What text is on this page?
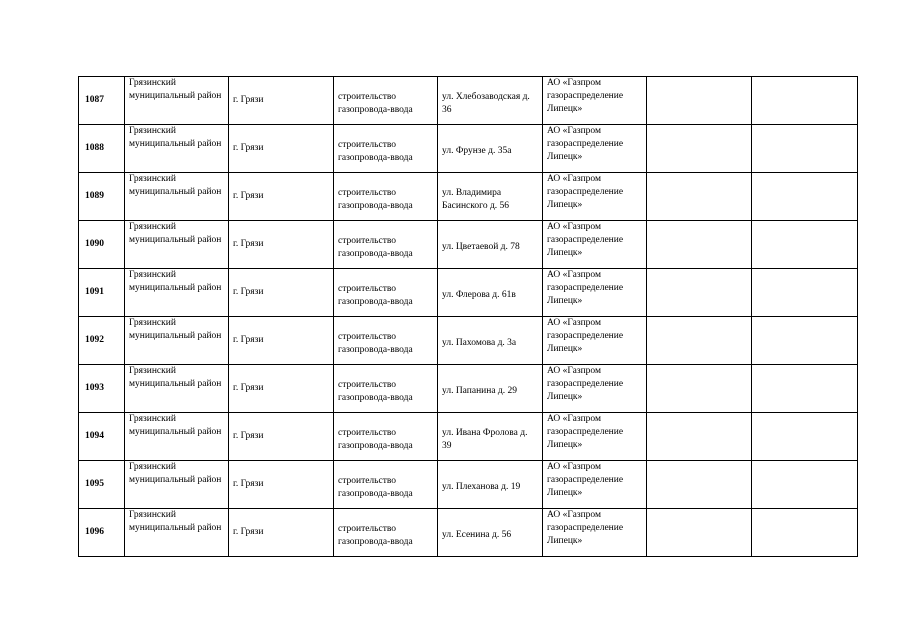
1087	Грязинский муниципальный район	г. Грязи	строительство газопровода-ввода	ул. Хлебозаводская д. 36	АО «Газпром газораспределение Липецк»		
1088	Грязинский муниципальный район	г. Грязи	строительство газопровода-ввода	ул. Фрунзе д. 35а	АО «Газпром газораспределение Липецк»		
1089	Грязинский муниципальный район	г. Грязи	строительство газопровода-ввода	ул. Владимира Басинского д. 56	АО «Газпром газораспределение Липецк»		
1090	Грязинский муниципальный район	г. Грязи	строительство газопровода-ввода	ул. Цветаевой д. 78	АО «Газпром газораспределение Липецк»		
1091	Грязинский муниципальный район	г. Грязи	строительство газопровода-ввода	ул. Флерова д. 61в	АО «Газпром газораспределение Липецк»		
1092	Грязинский муниципальный район	г. Грязи	строительство газопровода-ввода	ул. Пахомова д. 3а	АО «Газпром газораспределение Липецк»		
1093	Грязинский муниципальный район	г. Грязи	строительство газопровода-ввода	ул. Папанина д. 29	АО «Газпром газораспределение Липецк»		
1094	Грязинский муниципальный район	г. Грязи	строительство газопровода-ввода	ул. Ивана Фролова д. 39	АО «Газпром газораспределение Липецк»		
1095	Грязинский муниципальный район	г. Грязи	строительство газопровода-ввода	ул. Плеханова д. 19	АО «Газпром газораспределение Липецк»		
1096	Грязинский муниципальный район	г. Грязи	строительство газопровода-ввода	ул. Есенина д. 56	АО «Газпром газораспределение Липецк»		
